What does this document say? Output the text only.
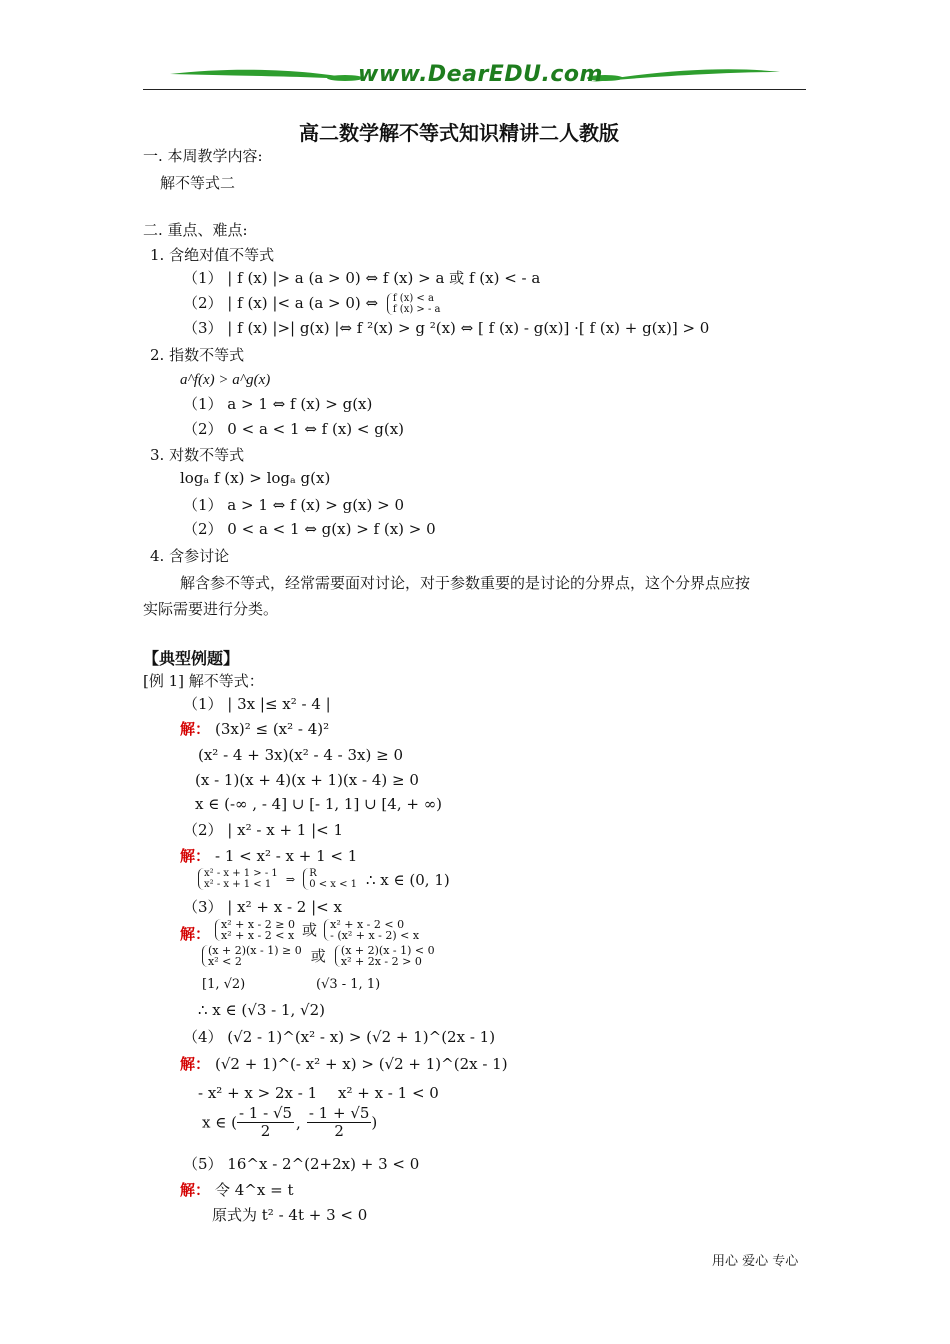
www.DearEDU.com
高二数学解不等式知识精讲二人教版
一. 本周教学内容:
解不等式二
二. 重点、难点:
1. 含绝对值不等式
（1） | f (x) |> a (a > 0) ⇔ f (x) > a 或 f (x) < - a
（2） | f (x) |< a (a > 0) ⇔ f (x) < a
f (x) > - a
（3） | f (x) |>| g(x) |⇔ f ²(x) > g ²(x) ⇔ [ f (x) - g(x)] ·[ f (x) + g(x)] > 0
2. 指数不等式
a^f(x) > a^g(x)
（1） a > 1 ⇔ f (x) > g(x)
（2） 0 < a < 1 ⇔ f (x) < g(x)
3. 对数不等式
logₐ f (x) > logₐ g(x)
（1） a > 1 ⇔ f (x) > g(x) > 0
（2） 0 < a < 1 ⇔ g(x) > f (x) > 0
4. 含参讨论
解含参不等式，经常需要面对讨论，对于参数重要的是讨论的分界点，这个分界点应按
实际需要进行分类。
【典型例题】
[例 1] 解不等式：
（1） | 3x |≤ x² - 4 |
解： (3x)² ≤ (x² - 4)²
(x² - 4 + 3x)(x² - 4 - 3x) ≥ 0
(x - 1)(x + 4)(x + 1)(x - 4) ≥ 0
x ∈ (-∞ , - 4] ∪ [- 1, 1] ∪ [4, + ∞)
（2） | x² - x + 1 |< 1
解： - 1 < x² - x + 1 < 1
x² - x + 1 > - 1
x² - x + 1 < 1	⇒ R
0 < x < 1 ∴ x ∈ (0, 1)
（3） | x² + x - 2 |< x
解：
x² + x - 2 ≥ 0
x² + x - 2 < x 或 x² + x - 2 < 0
- (x² + x - 2) < x
(x + 2)(x - 1) ≥ 0
x² < 2	或 (x + 2)(x - 1) < 0
x² + 2x - 2 > 0
[1, √2)	(√3 - 1, 1)
∴ x ∈ (√3 - 1, √2)
（4） (√2 - 1)^(x² - x) > (√2 + 1)^(2x - 1)
解： (√2 + 1)^(- x² + x) > (√2 + 1)^(2x - 1)
- x² + x > 2x - 1 x² + x - 1 < 0
x ∈ ( $\frac{- 1 - √5}{2}$ , $\frac{- 1 + √5}{2}$ )
（5） 16^x - 2^(2+2x) + 3 < 0
解： 令 4^x = t
原式为 t² - 4t + 3 < 0
用心 爱心 专心
